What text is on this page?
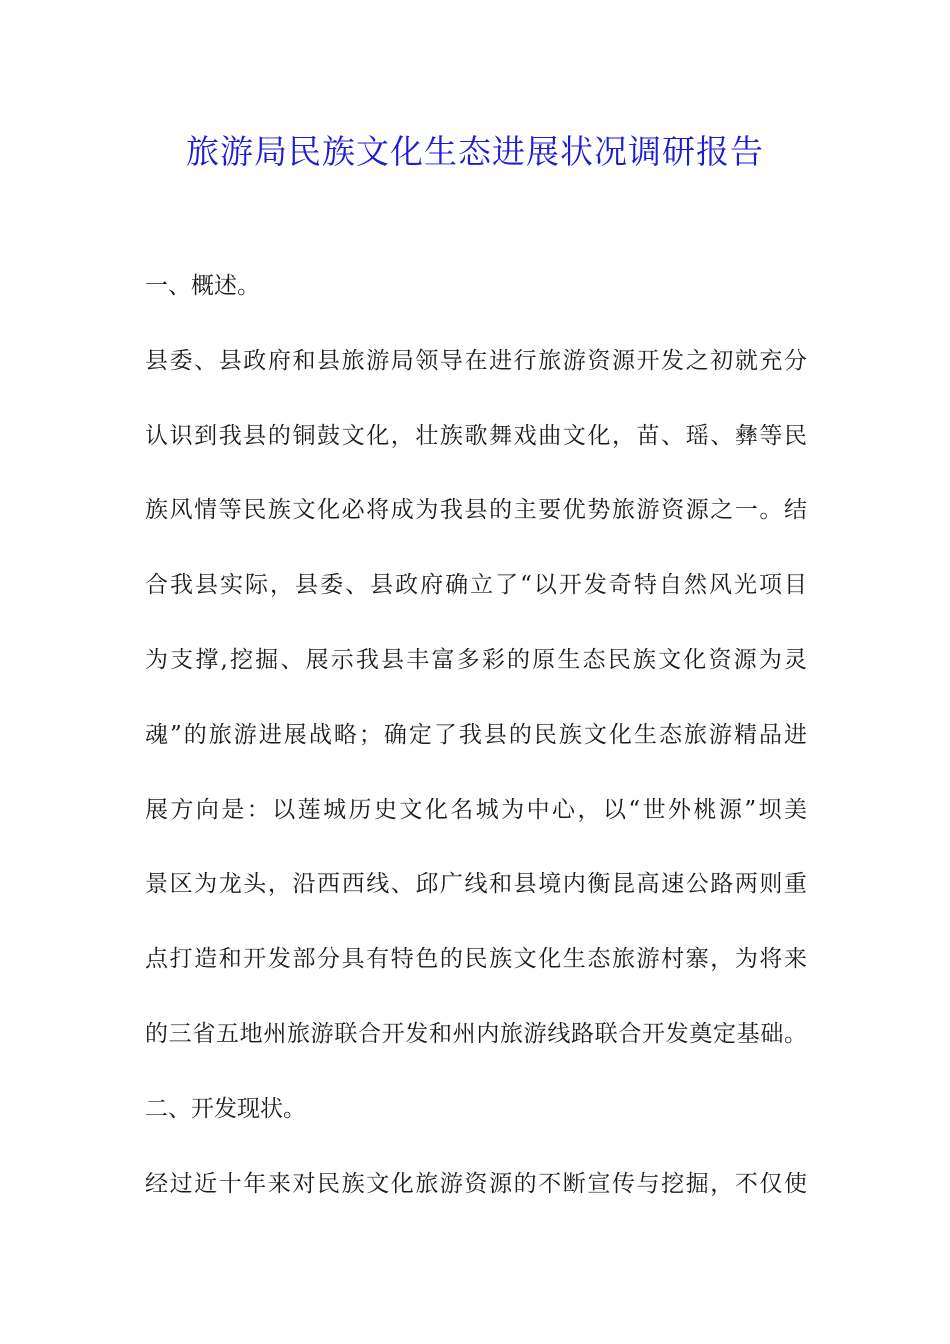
旅游局民族文化生态进展状况调研报告
一、概述。
县委、县政府和县旅游局领导在进行旅游资源开发之初就充分
认识到我县的铜鼓文化，壮族歌舞戏曲文化，苗、瑶、彝等民
族风情等民族文化必将成为我县的主要优势旅游资源之一。结
合我县实际，县委、县政府确立了“以开发奇特自然风光项目
为支撑,挖掘、展示我县丰富多彩的原生态民族文化资源为灵
魂”的旅游进展战略；确定了我县的民族文化生态旅游精品进
展方向是：以莲城历史文化名城为中心，以“世外桃源”坝美
景区为龙头，沿西西线、邱广线和县境内衡昆高速公路两则重
点打造和开发部分具有特色的民族文化生态旅游村寨，为将来
的三省五地州旅游联合开发和州内旅游线路联合开发奠定基础。
二、开发现状。
经过近十年来对民族文化旅游资源的不断宣传与挖掘，不仅使
